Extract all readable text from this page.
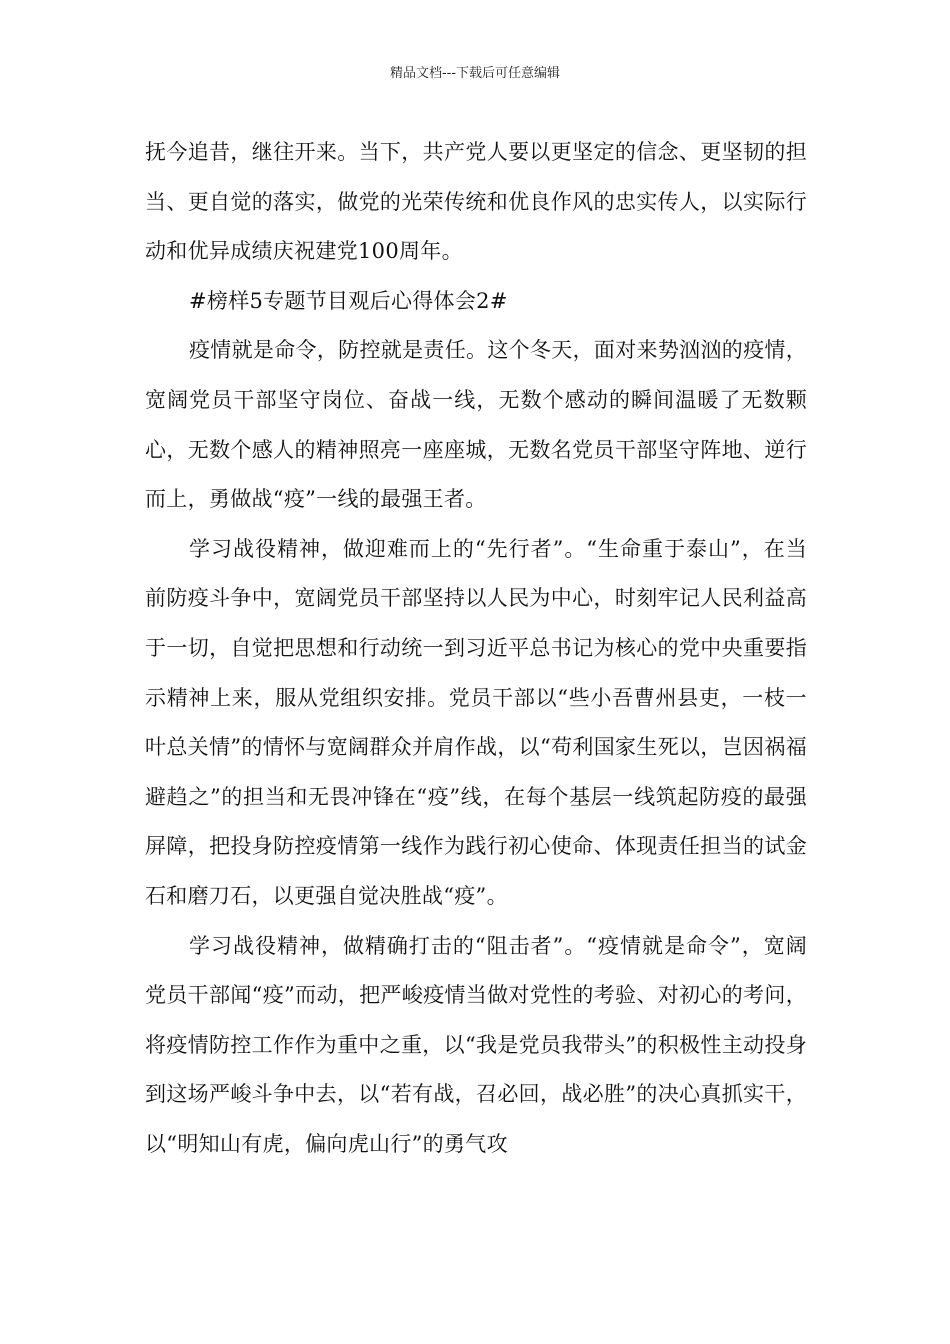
精品文档---下载后可任意编辑

抚今追昔，继往开来。当下，共产党人要以更坚定的信念、更坚韧的担当、更自觉的落实，做党的光荣传统和优良作风的忠实传人，以实际行动和优异成绩庆祝建党100周年。

#榜样5专题节目观后心得体会2#

疫情就是命令，防控就是责任。这个冬天，面对来势汹汹的疫情，宽阔党员干部坚守岗位、奋战一线，无数个感动的瞬间温暖了无数颗心，无数个感人的精神照亮一座座城，无数名党员干部坚守阵地、逆行而上，勇做战“疫”一线的最强王者。

学习战役精神，做迎难而上的“先行者”。“生命重于泰山”，在当前防疫斗争中，宽阔党员干部坚持以人民为中心，时刻牢记人民利益高于一切，自觉把思想和行动统一到习近平总书记为核心的党中央重要指示精神上来，服从党组织安排。党员干部以“些小吾曹州县吏，一枝一叶总关情”的情怀与宽阔群众并肩作战，以“苟利国家生死以，岂因祸福避趋之”的担当和无畏冲锋在“疫”线，在每个基层一线筑起防疫的最强屏障，把投身防控疫情第一线作为践行初心使命、体现责任担当的试金石和磨刀石，以更强自觉决胜战“疫”。

学习战役精神，做精确打击的“阻击者”。“疫情就是命令”，宽阔党员干部闻“疫”而动，把严峻疫情当做对党性的考验、对初心的考问，将疫情防控工作作为重中之重，以“我是党员我带头”的积极性主动投身到这场严峻斗争中去，以“若有战，召必回，战必胜”的决心真抓实干，以“明知山有虎，偏向虎山行”的勇气攻
